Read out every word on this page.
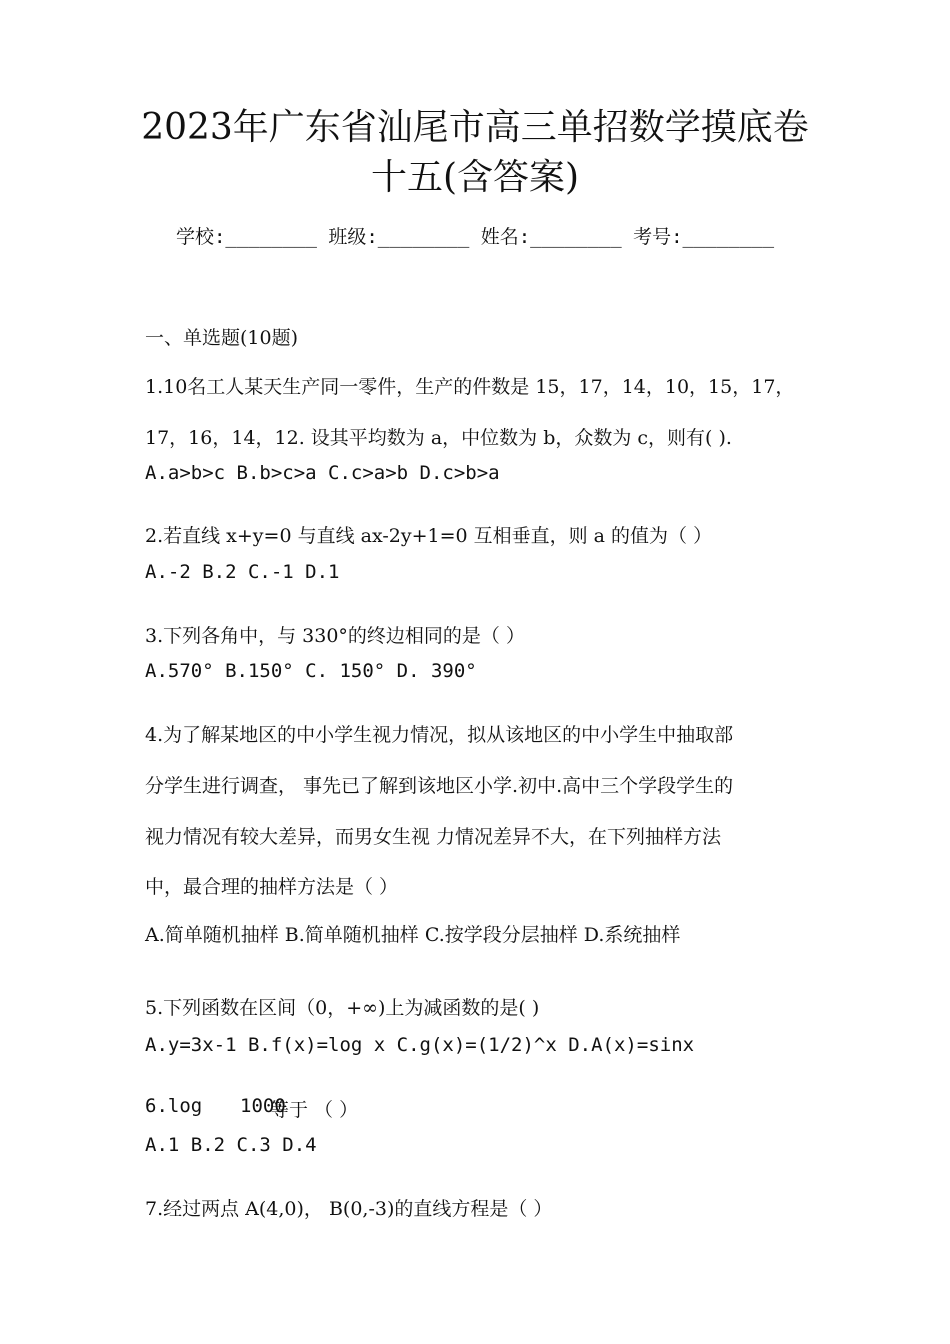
2023年广东省汕尾市高三单招数学摸底卷
十五(含答案)
学校:________ 班级:________ 姓名:________ 考号:________
一、单选题(10题)
1.10名工人某天生产同一零件，生产的件数是 15，17，14，10，15，17，
17，16，14，12. 设其平均数为 a，中位数为 b，众数为 c，则有( ).
A.a>b>c B.b>c>a C.c>a>b D.c>b>a
2.若直线 x+y=0 与直线 ax-2y+1=0 互相垂直，则 a 的值为（ ）
A.-2 B.2 C.-1 D.1
3.下列各角中，与 330°的终边相同的是（ ）
A.570° B.150° C. 150° D. 390°
4.为了解某地区的中小学生视力情况，拟从该地区的中小学生中抽取部
分学生进行调查， 事先已了解到该地区小学.初中.高中三个学段学生的
视力情况有较大差异，而男女生视 力情况差异不大，在下列抽样方法
中，最合理的抽样方法是（ ）
A.简单随机抽样 B.简单随机抽样 C.按学段分层抽样 D.系统抽样
5.下列函数在区间（0，+∞)上为减函数的是( )
A.y=3x-1 B.f(x)=log x C.g(x)=(1/2)^x D.A(x)=sinx
6.log 1000
等于 （ ）
A.1 B.2 C.3 D.4
7.经过两点 A(4,0)， B(0,-3)的直线方程是（ ）
